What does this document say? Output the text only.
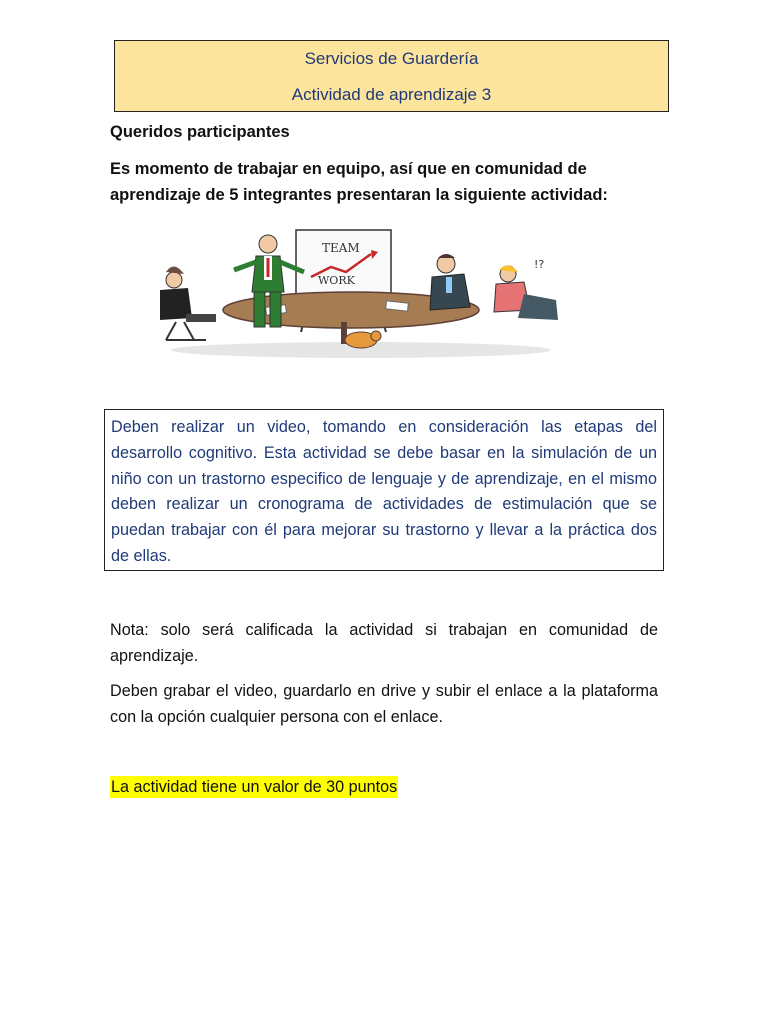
Servicios de Guardería
Actividad de aprendizaje 3
Queridos participantes
Es momento de trabajar en equipo, así que en comunidad de aprendizaje de 5 integrantes presentaran la siguiente actividad:
TEAM
WORK
!?
Deben realizar un video, tomando en consideración las etapas del desarrollo cognitivo. Esta actividad se debe basar en la simulación de un niño con un trastorno especifico de lenguaje y de aprendizaje, en el mismo deben realizar un cronograma de actividades de estimulación que se puedan trabajar con él para mejorar su trastorno y llevar a la práctica dos de ellas.
Nota: solo será calificada la actividad si trabajan en comunidad de aprendizaje.
Deben grabar el video, guardarlo en drive y subir el enlace a la plataforma con la opción cualquier persona con el enlace.
La actividad tiene un valor de 30 puntos
